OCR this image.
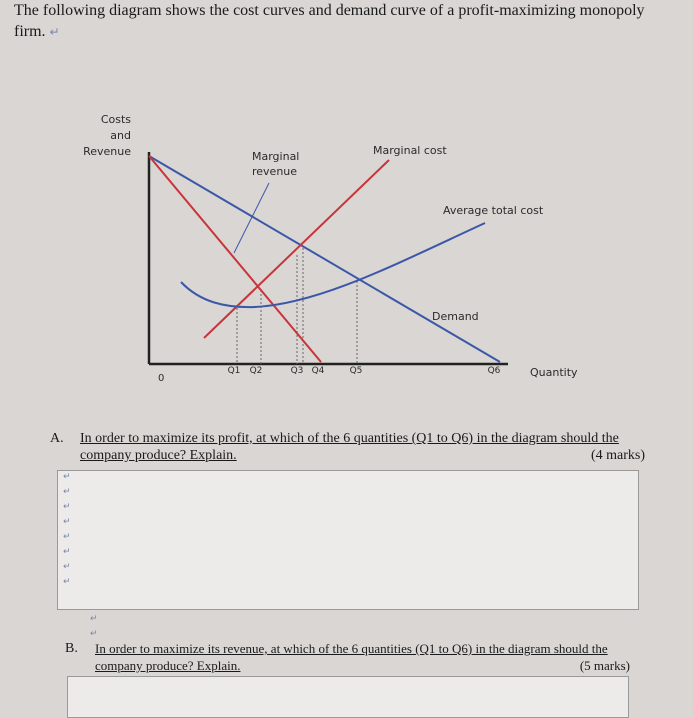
The following diagram shows the cost curves and demand curve of a profit-maximizing monopoly firm. ↵
Costs
and
Revenue	Marginal
revenue
Marginal cost
Average total cost
Demand
0
Q1 Q2	Q3 Q4	Q5	Q6	Quantity
A. In order to maximize its profit, at which of the 6 quantities (Q1 to Q6) in the diagram should the company produce? Explain.	(4 marks)
↵
↵
↵
↵
↵
↵
↵
↵
↵
↵
B. In order to maximize its revenue, at which of the 6 quantities (Q1 to Q6) in the diagram should the company produce? Explain.	(5 marks)
